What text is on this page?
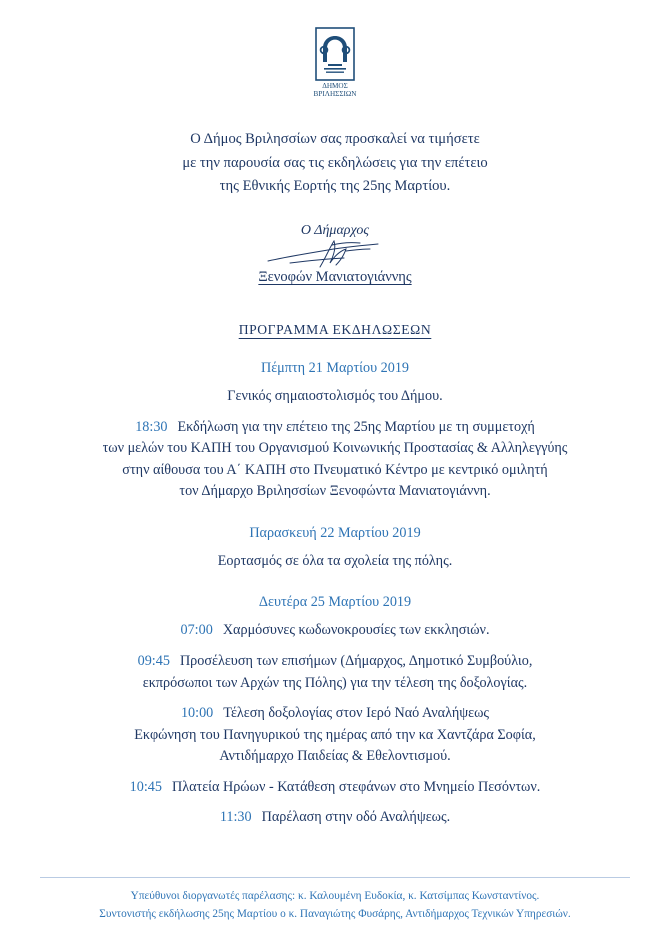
ΔΗΜΟΣ
ΒΡΙΛΗΣΣΙΩΝ
Ο Δήμος Βριλησσίων σας προσκαλεί να τιμήσετε
με την παρουσία σας τις εκδηλώσεις για την επέτειο
της Εθνικής Εορτής της 25ης Μαρτίου.
Ο Δήμαρχος
Ξενοφών Μανιατογιάννης
ΠΡΟΓΡΑΜΜΑ ΕΚΔΗΛΩΣΕΩΝ
Πέμπτη 21 Μαρτίου 2019
Γενικός σημαιοστολισμός του Δήμου.
18:30 Εκδήλωση για την επέτειο της 25ης Μαρτίου με τη συμμετοχή
των μελών του ΚΑΠΗ του Οργανισμού Κοινωνικής Προστασίας & Αλληλεγγύης
στην αίθουσα του Α΄ ΚΑΠΗ στο Πνευματικό Κέντρο με κεντρικό ομιλητή
τον Δήμαρχο Βριλησσίων Ξενοφώντα Μανιατογιάννη.
Παρασκευή 22 Μαρτίου 2019
Εορτασμός σε όλα τα σχολεία της πόλης.
Δευτέρα 25 Μαρτίου 2019
07:00 Χαρμόσυνες κωδωνοκρουσίες των εκκλησιών.
09:45 Προσέλευση των επισήμων (Δήμαρχος, Δημοτικό Συμβούλιο,
εκπρόσωποι των Αρχών της Πόλης) για την τέλεση της δοξολογίας.
10:00 Τέλεση δοξολογίας στον Ιερό Ναό Αναλήψεως
Εκφώνηση του Πανηγυρικού της ημέρας από την κα Χαντζάρα Σοφία,
Αντιδήμαρχο Παιδείας & Εθελοντισμού.
10:45 Πλατεία Ηρώων - Κατάθεση στεφάνων στο Μνημείο Πεσόντων.
11:30 Παρέλαση στην οδό Αναλήψεως.
Υπεύθυνοι διοργανωτές παρέλασης: κ. Καλουμένη Ευδοκία, κ. Κατσίμπας Κωνσταντίνος.
Συντονιστής εκδήλωσης 25ης Μαρτίου ο κ. Παναγιώτης Φυσάρης, Αντιδήμαρχος Τεχνικών Υπηρεσιών.
